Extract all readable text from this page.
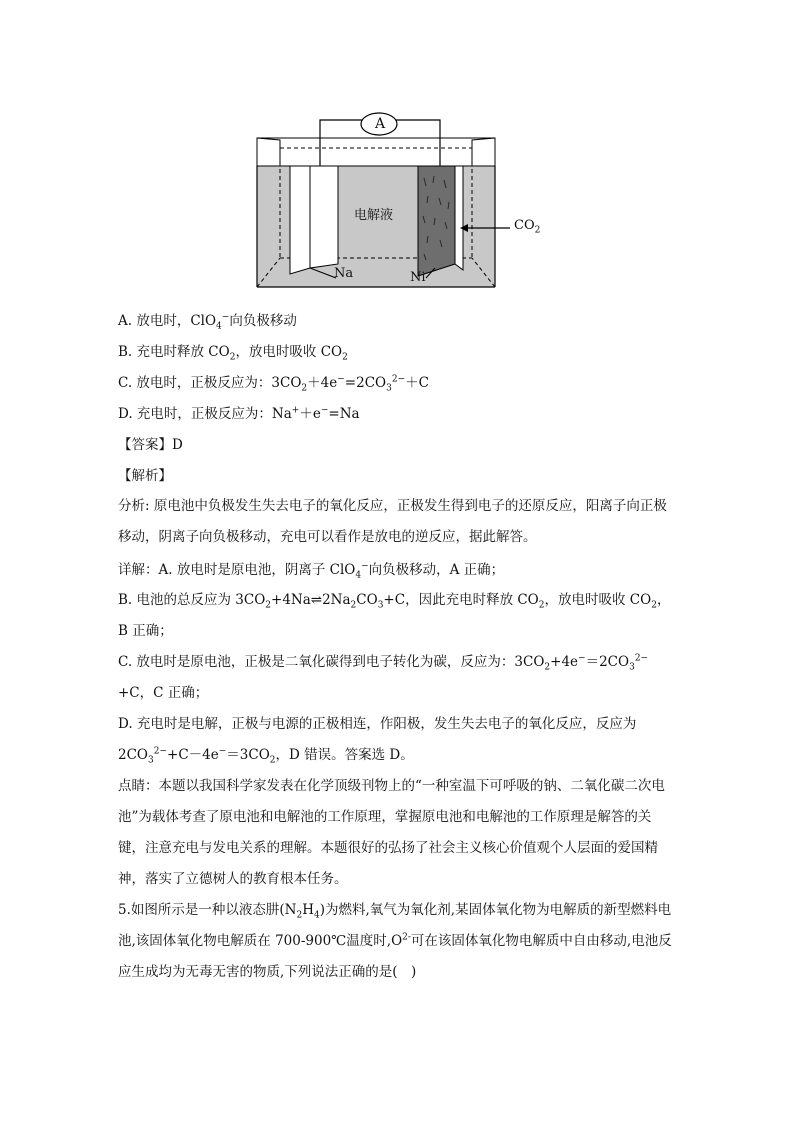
A
电解液
$CO_2$
Na	Ni
A. 放电时，ClO$_4$−向负极移动
B. 充电时释放 $CO_2$，放电时吸收 $CO_2$
C. 放电时，正极反应为：$3CO_2+4e^-=2CO_3^{2-}+C$
D. 充电时，正极反应为：Na+＋e−=Na
【答案】D
【解析】
分析: 原电池中负极发生失去电子的氧化反应，正极发生得到电子的还原反应，阳离子向正极移动，阴离子向负极移动，充电可以看作是放电的逆反应，据此解答。
详解：A. 放电时是原电池，阴离子 ClO$_4$−向负极移动，A 正确；
B. 电池的总反应为 $3CO_2+4Na\rightleftharpoons 2Na_2CO_3+C$，因此充电时释放 $CO_2$，放电时吸收 $CO_2$，B 正确；
C. 放电时是原电池，正极是二氧化碳得到电子转化为碳，反应为：$3CO_2+4e^-=2CO_3^{2-}+C$，C 正确；
D. 充电时是电解，正极与电源的正极相连，作阳极，发生失去电子的氧化反应，反应为 $2CO_3^{2-}+C-4e^-=3CO_2$，D 错误。答案选 D。
点睛：本题以我国科学家发表在化学顶级刊物上的“一种室温下可呼吸的钠、二氧化碳二次电池”为载体考查了原电池和电解池的工作原理，掌握原电池和电解池的工作原理是解答的关键，注意充电与发电关系的理解。本题很好的弘扬了社会主义核心价值观个人层面的爱国精神，落实了立德树人的教育根本任务。
5.如图所示是一种以液态肼$(N_2H_4)$为燃料,氧气为氧化剂,某固体氧化物为电解质的新型燃料电池,该固体氧化物电解质在 700-900℃温度时$,O^{2-}$可在该固体氧化物电解质中自由移动,电池反应生成均为无毒无害的物质,下列说法正确的是(　)
